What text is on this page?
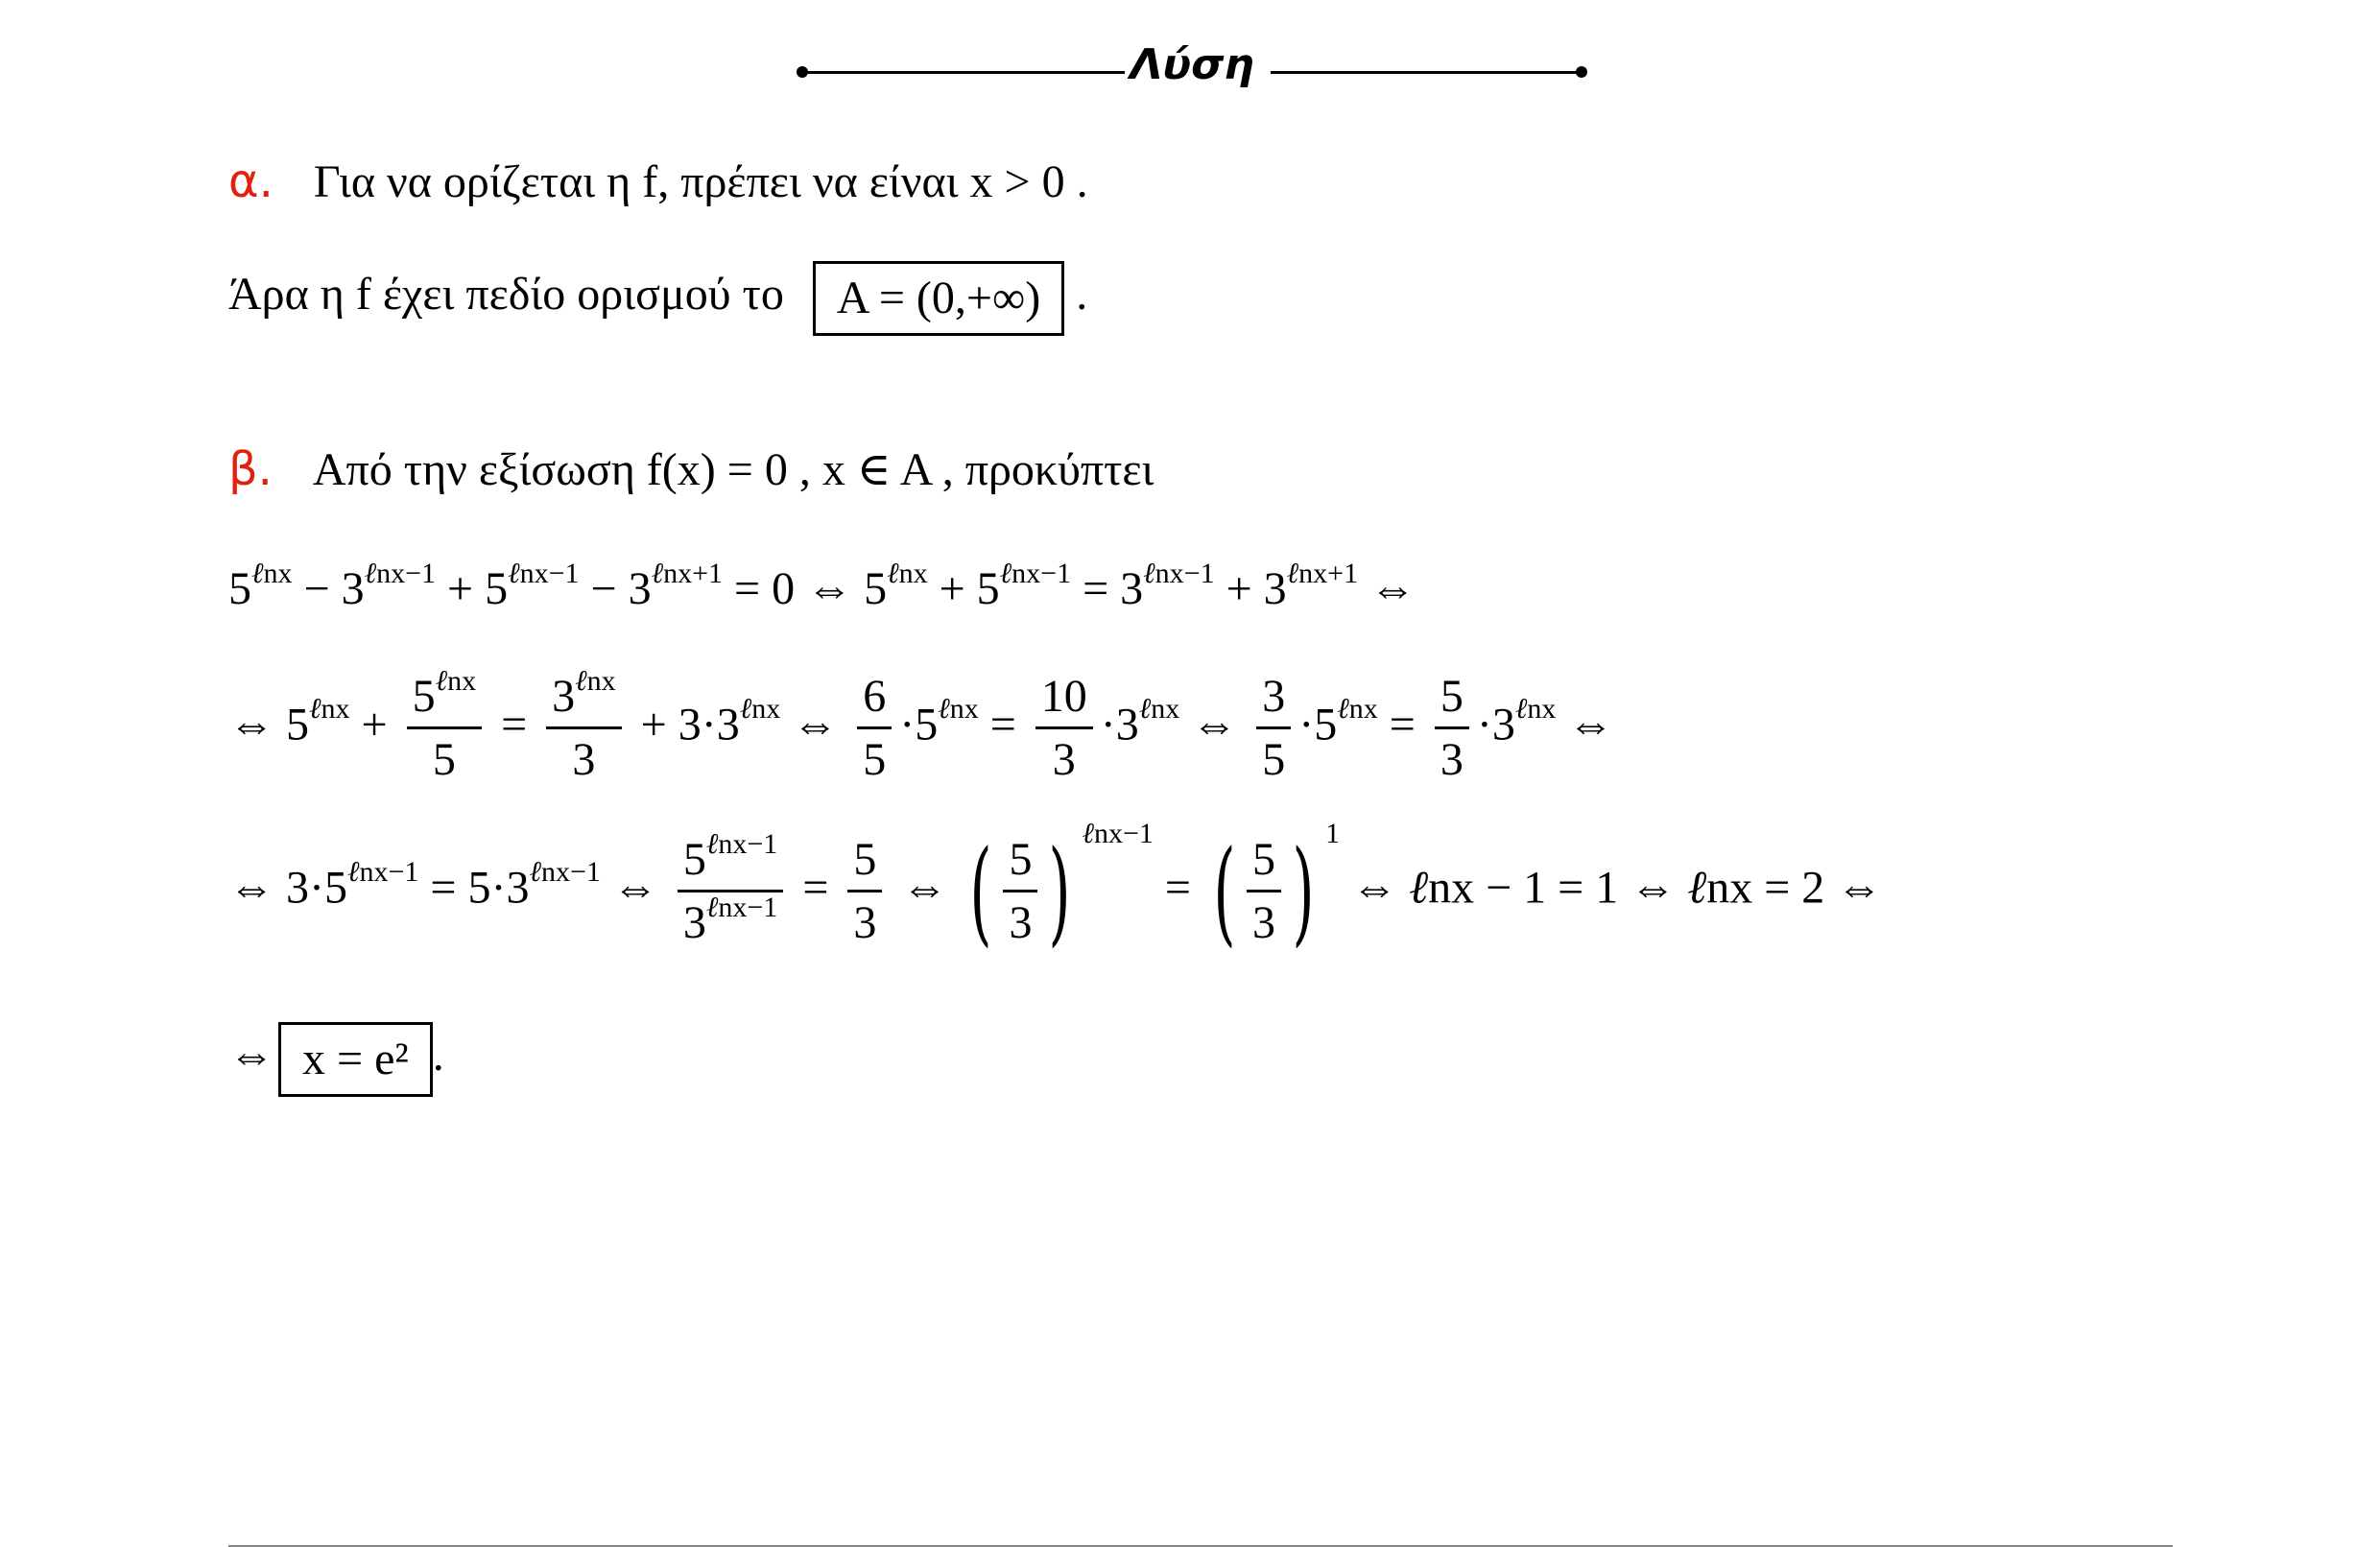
Λύση
α. Για να ορίζεται η f, πρέπει να είναι x > 0 .
Άρα η f έχει πεδίο ορισμού το A = (0,+∞) .
β. Από την εξίσωση f(x) = 0 , x ∈ A , προκύπτει
$5^{\ell nx} - 3^{\ell nx-1} + 5^{\ell nx-1} - 3^{\ell nx+1} = 0$ ⇔ $5^{\ell nx} + 5^{\ell nx-1} = 3^{\ell nx-1} + 3^{\ell nx+1}$ ⇔
⇔ $5^{\ell nx} + \frac{5^{\ell nx}}{5} = \frac{3^{\ell nx}}{3} + 3\cdot 3^{\ell nx}$ ⇔ $\frac{6}{5} \cdot 5^{\ell nx} = \frac{10}{3} \cdot 3^{\ell nx}$ ⇔ $\frac{3}{5} \cdot 5^{\ell nx} = \frac{5}{3} \cdot 3^{\ell nx}$ ⇔
⇔ $3\cdot 5^{\ell nx-1} = 5\cdot 3^{\ell nx-1}$ ⇔ $\frac{5^{\ell nx-1}}{3^{\ell nx-1}} = \frac{5}{3}$ ⇔ ( $\frac{5}{3}$ ) $^{\ell nx-1}$ = ( $\frac{5}{3}$ ) $^1$ ⇔ ℓnx − 1 = 1 ⇔ ℓnx = 2 ⇔
⇔ x = e² .
